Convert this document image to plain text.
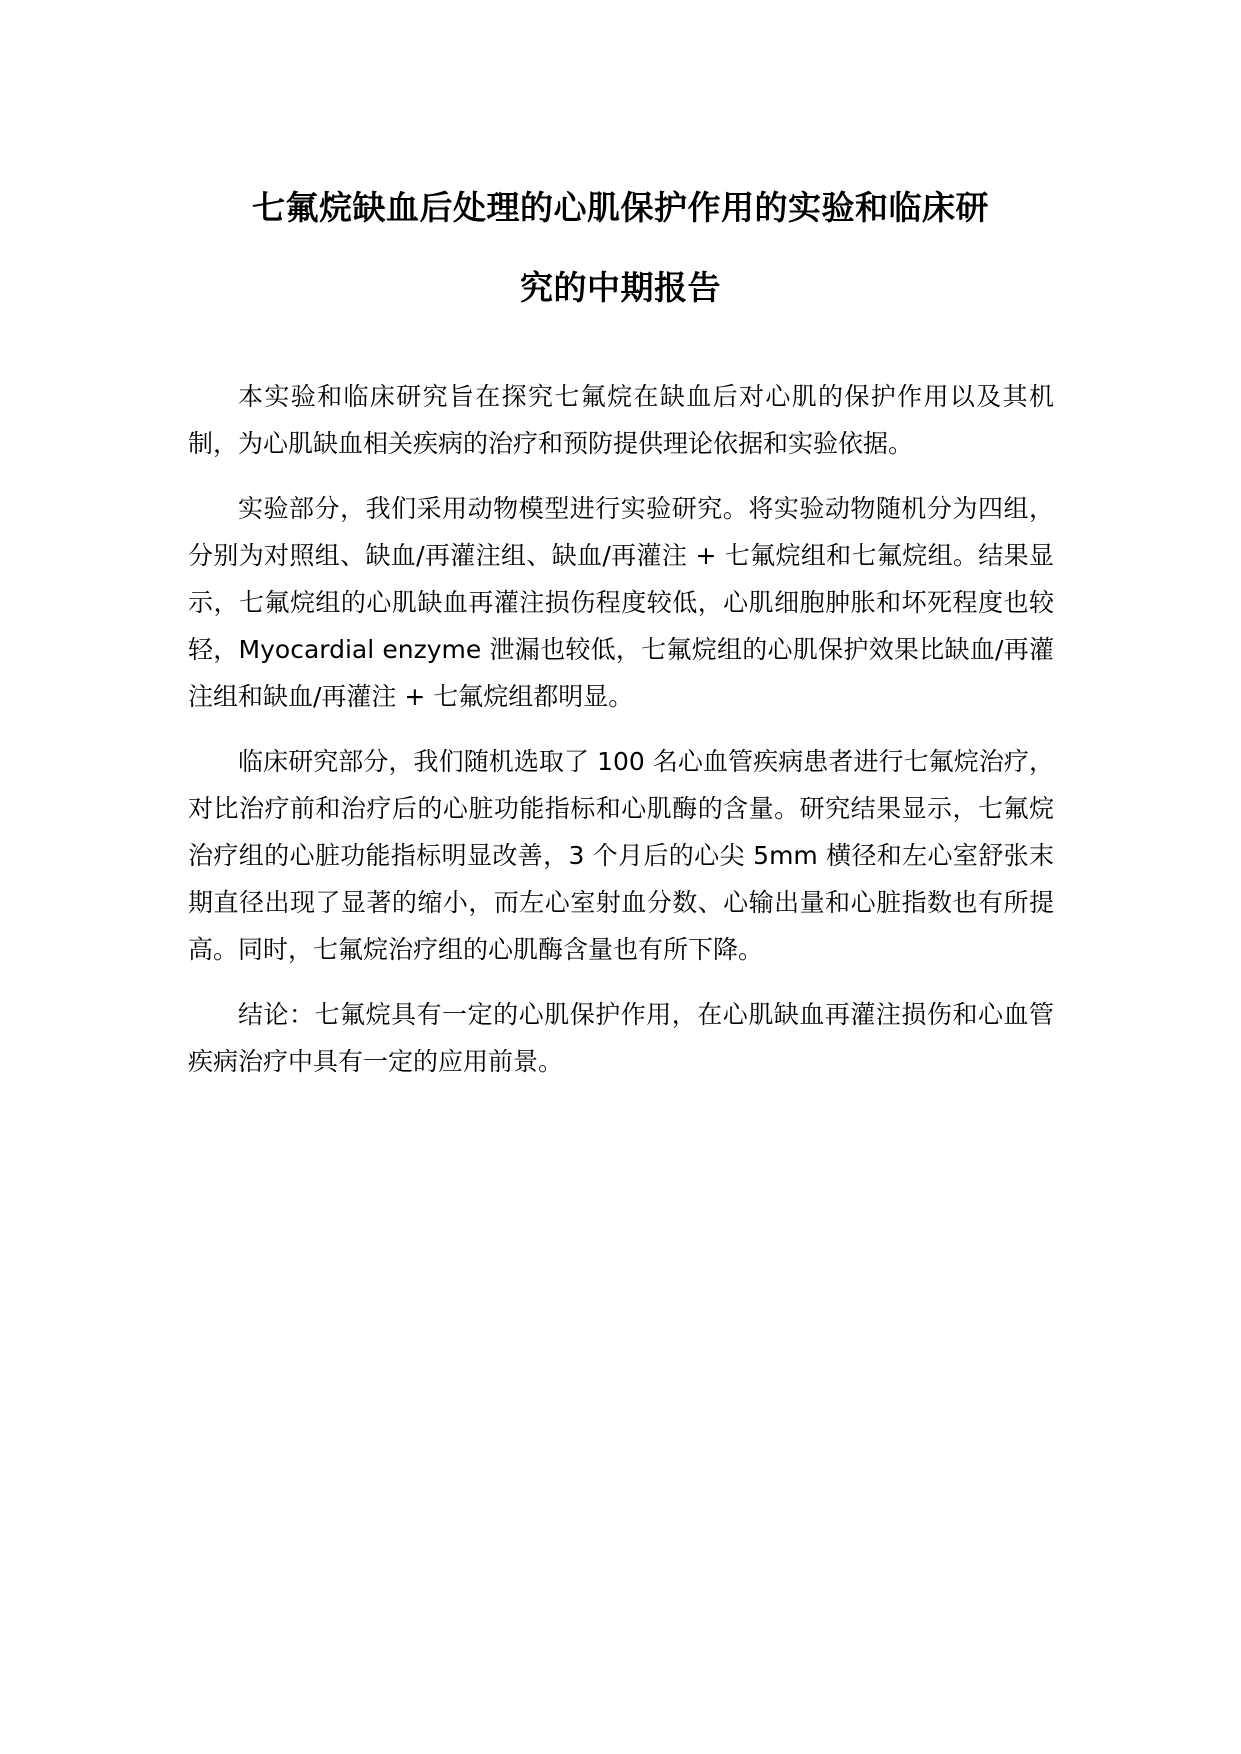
七氟烷缺血后处理的心肌保护作用的实验和临床研
究的中期报告

本实验和临床研究旨在探究七氟烷在缺血后对心肌的保护作用以及其机制，为心肌缺血相关疾病的治疗和预防提供理论依据和实验依据。

实验部分，我们采用动物模型进行实验研究。将实验动物随机分为四组，分别为对照组、缺血/再灌注组、缺血/再灌注 + 七氟烷组和七氟烷组。结果显示，七氟烷组的心肌缺血再灌注损伤程度较低，心肌细胞肿胀和坏死程度也较轻，Myocardial enzyme 泄漏也较低，七氟烷组的心肌保护效果比缺血/再灌注组和缺血/再灌注 + 七氟烷组都明显。

临床研究部分，我们随机选取了 100 名心血管疾病患者进行七氟烷治疗，对比治疗前和治疗后的心脏功能指标和心肌酶的含量。研究结果显示，七氟烷治疗组的心脏功能指标明显改善，3 个月后的心尖 5mm 横径和左心室舒张末期直径出现了显著的缩小，而左心室射血分数、心输出量和心脏指数也有所提高。同时，七氟烷治疗组的心肌酶含量也有所下降。

结论：七氟烷具有一定的心肌保护作用，在心肌缺血再灌注损伤和心血管疾病治疗中具有一定的应用前景。
